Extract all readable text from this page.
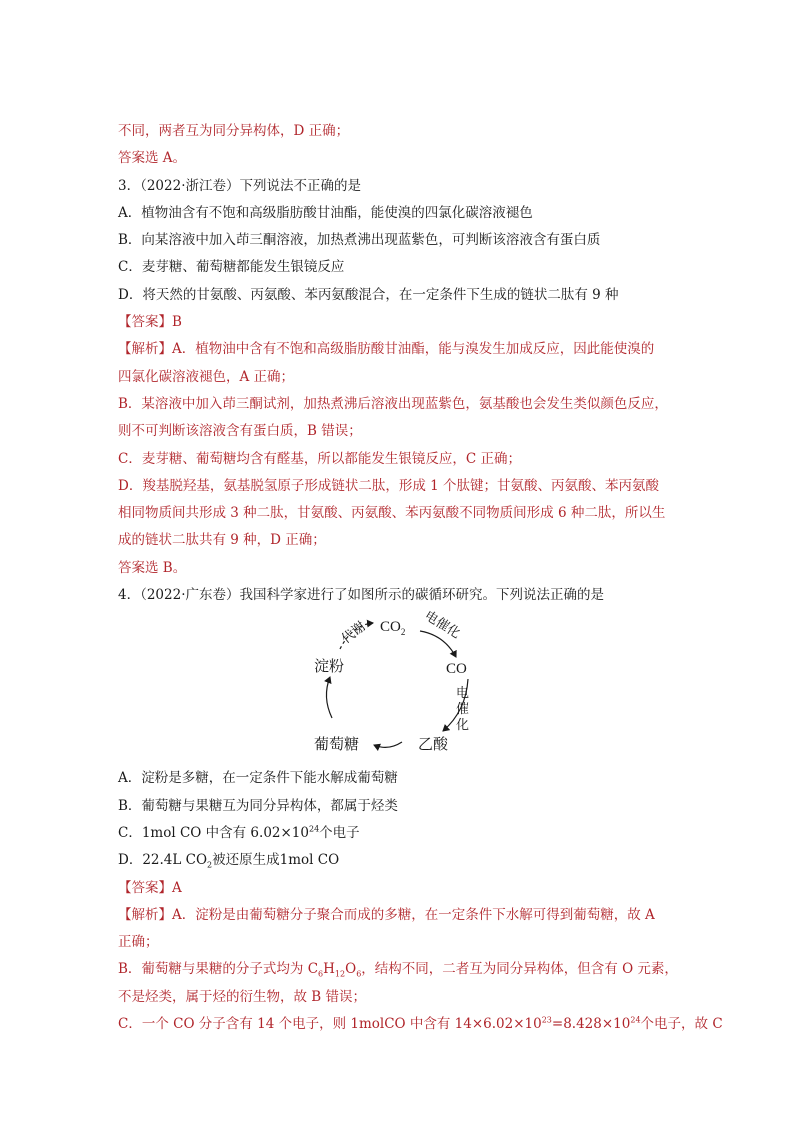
不同，两者互为同分异构体，D 正确；
答案选 A。
3．（2022·浙江卷）下列说法不正确的是
A．植物油含有不饱和高级脂肪酸甘油酯，能使溴的四氯化碳溶液褪色
B．向某溶液中加入茚三酮溶液，加热煮沸出现蓝紫色，可判断该溶液含有蛋白质
C．麦芽糖、葡萄糖都能发生银镜反应
D．将天然的甘氨酸、丙氨酸、苯丙氨酸混合，在一定条件下生成的链状二肽有 9 种
【答案】B
【解析】A．植物油中含有不饱和高级脂肪酸甘油酯，能与溴发生加成反应，因此能使溴的
四氯化碳溶液褪色，A 正确；
B．某溶液中加入茚三酮试剂，加热煮沸后溶液出现蓝紫色，氨基酸也会发生类似颜色反应，
则不可判断该溶液含有蛋白质，B 错误；
C．麦芽糖、葡萄糖均含有醛基，所以都能发生银镜反应，C 正确；
D．羧基脱羟基，氨基脱氢原子形成链状二肽，形成 1 个肽键；甘氨酸、丙氨酸、苯丙氨酸
相同物质间共形成 3 种二肽，甘氨酸、丙氨酸、苯丙氨酸不同物质间形成 6 种二肽，所以生
成的链状二肽共有 9 种，D 正确；
答案选 B。
4．（2022·广东卷）我国科学家进行了如图所示的碳循环研究。下列说法正确的是
$CO_2$
CO
淀粉
葡萄糖	乙酸
代谢	电催化
电
催
化
A．淀粉是多糖，在一定条件下能水解成葡萄糖
B．葡萄糖与果糖互为同分异构体，都属于烃类
C．1mol CO 中含有 $6.02\times 10^{24}$个电子
D．22.4L $CO_2$被还原生成1mol CO
【答案】A
【解析】A．淀粉是由葡萄糖分子聚合而成的多糖，在一定条件下水解可得到葡萄糖，故 A
正确；
B．葡萄糖与果糖的分子式均为 $C_6H_{12}O_6$，结构不同，二者互为同分异构体，但含有 O 元素，
不是烃类，属于烃的衍生物，故 B 错误；
C．一个 CO 分子含有 14 个电子，则 1molCO 中含有 $14\times 6.02\times 10^{23}=8.428\times 10^{24}$个电子，故 C
